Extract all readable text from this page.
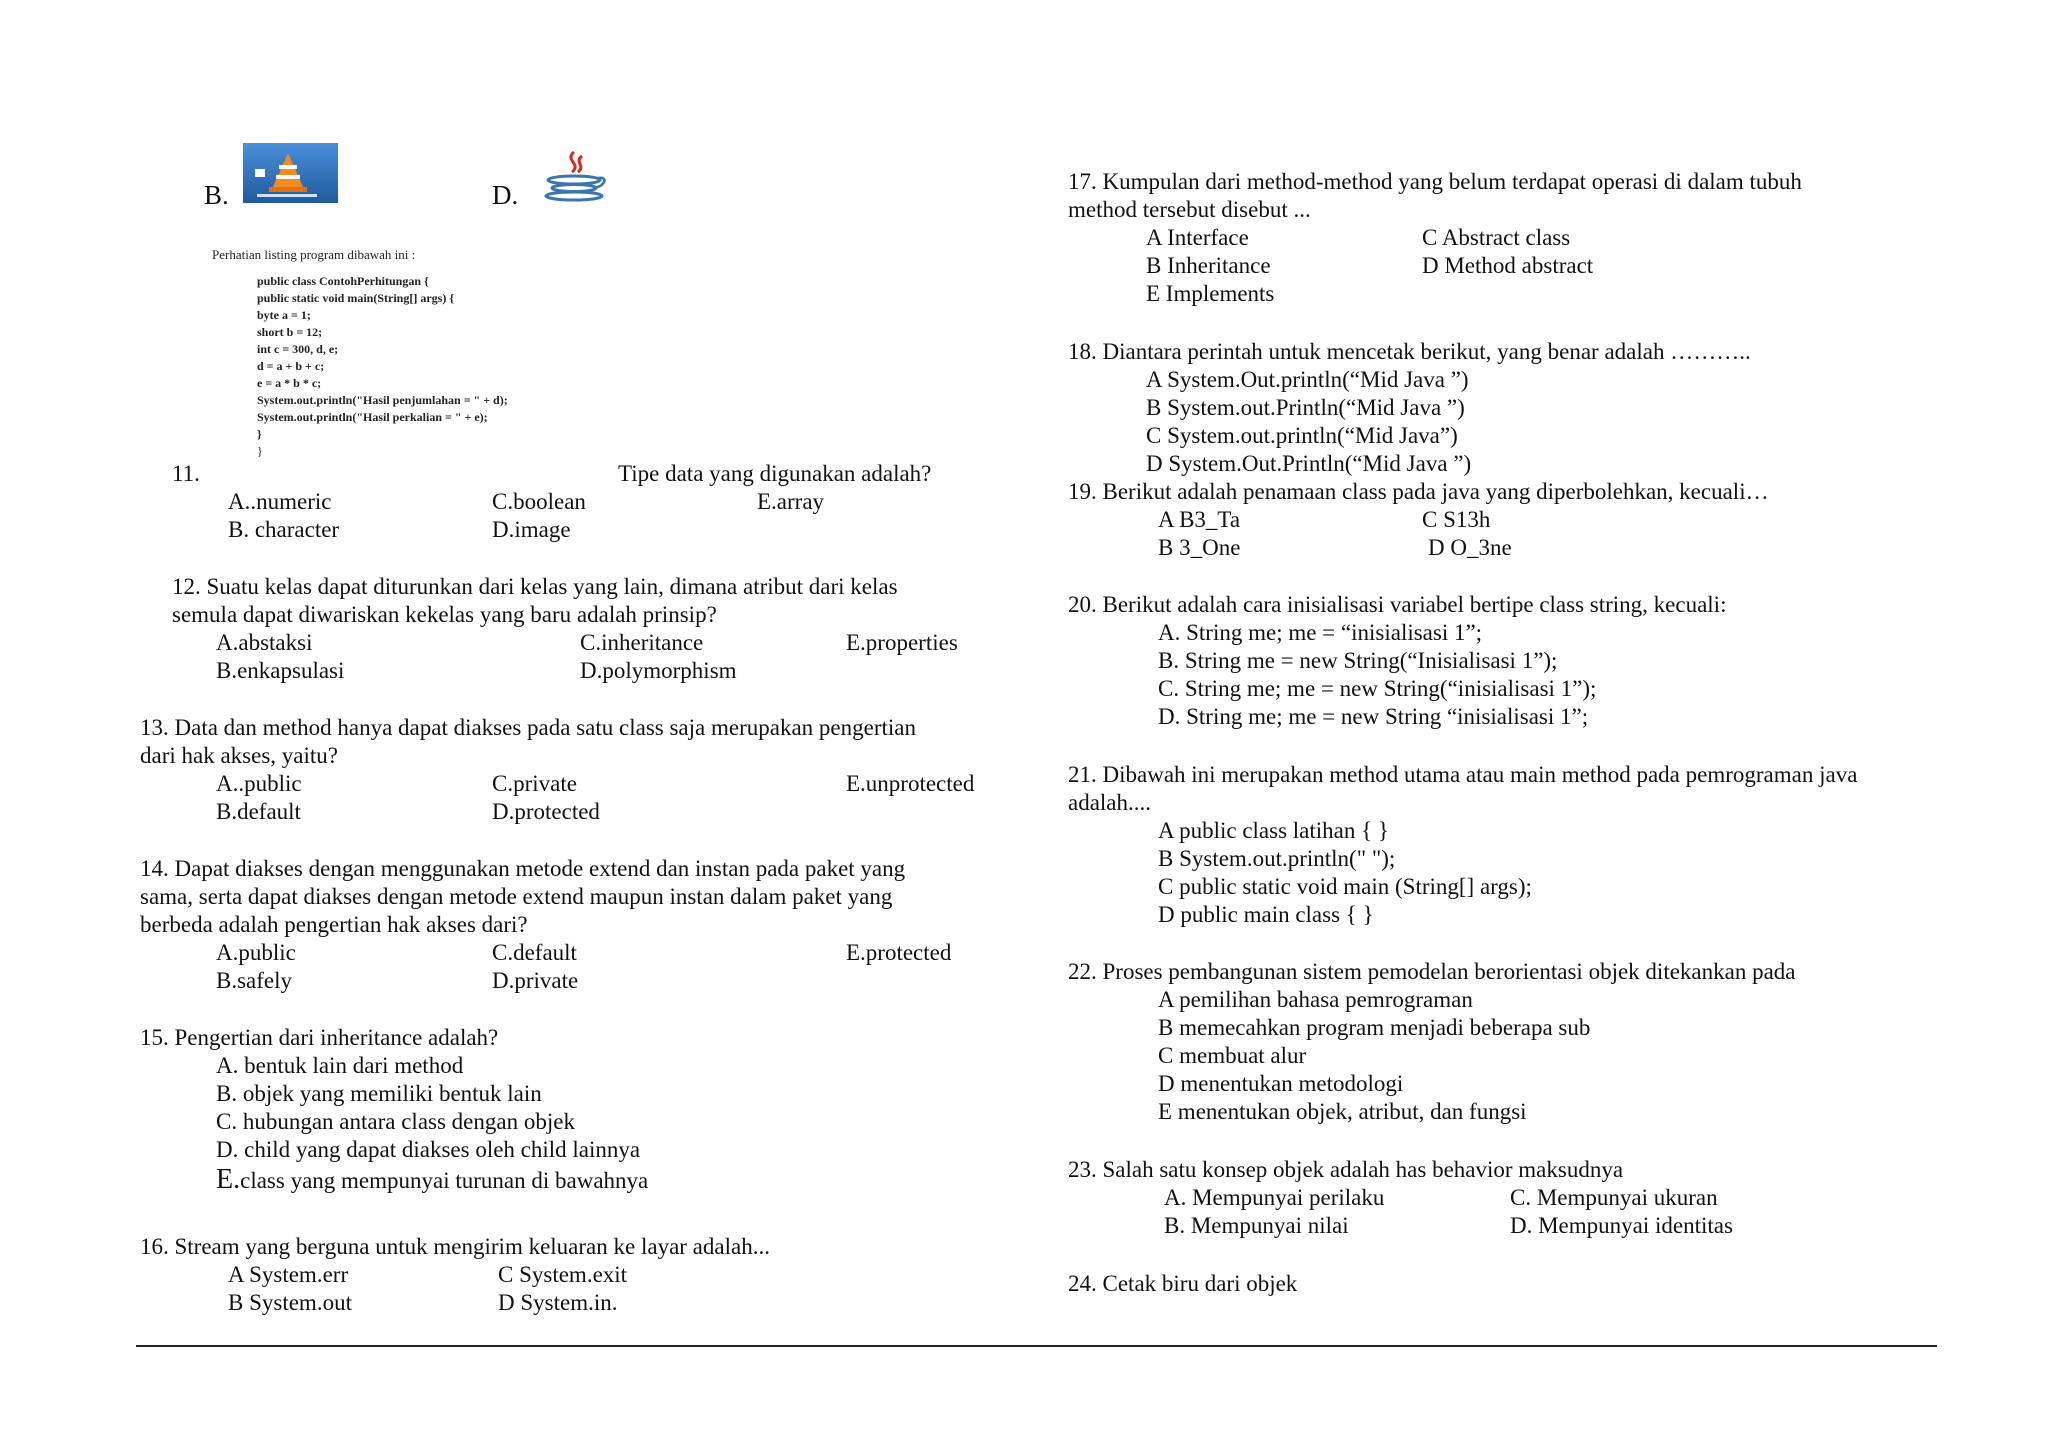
B.	D.
Perhatian listing program dibawah ini :
public class ContohPerhitungan {
public static void main(String[] args) {
byte a = 1;
short b = 12;
int c = 300, d, e;
d = a + b + c;
e = a * b * c;
System.out.println("Hasil penjumlahan = " + d);
System.out.println("Hasil perkalian = " + e);
}
}
11.	Tipe data yang digunakan adalah?
A..numeric	C.boolean	E.array
B. character	D.image
12. Suatu kelas dapat diturunkan dari kelas yang lain, dimana atribut dari kelas
semula dapat diwariskan kekelas yang baru adalah prinsip?
A.abstaksi	C.inheritance	E.properties
B.enkapsulasi	D.polymorphism
13. Data dan method hanya dapat diakses pada satu class saja merupakan pengertian
dari hak akses, yaitu?
A..public	C.private	E.unprotected
B.default	D.protected
14. Dapat diakses dengan menggunakan metode extend dan instan pada paket yang
sama, serta dapat diakses dengan metode extend maupun instan dalam paket yang
berbeda adalah pengertian hak akses dari?
A.public	C.default	E.protected
B.safely	D.private
15. Pengertian dari inheritance adalah?
A. bentuk lain dari method
B. objek yang memiliki bentuk lain
C. hubungan antara class dengan objek
D. child yang dapat diakses oleh child lainnya
E.class yang mempunyai turunan di bawahnya
16. Stream yang berguna untuk mengirim keluaran ke layar adalah...
A System.err	C System.exit
B System.out	D System.in.
17. Kumpulan dari method-method yang belum terdapat operasi di dalam tubuh
method tersebut disebut ...
A Interface	C Abstract class
B Inheritance	D Method abstract
E Implements
18. Diantara perintah untuk mencetak berikut, yang benar adalah ………..
A System.Out.println(“Mid Java ”)
B System.out.Println(“Mid Java ”)
C System.out.println(“Mid Java”)
D System.Out.Println(“Mid Java ”)
19. Berikut adalah penamaan class pada java yang diperbolehkan, kecuali…
A B3_Ta	C S13h
B 3_One	D O_3ne
20. Berikut adalah cara inisialisasi variabel bertipe class string, kecuali:
A. String me; me = “inisialisasi 1”;
B. String me = new String(“Inisialisasi 1”);
C. String me; me = new String(“inisialisasi 1”);
D. String me; me = new String “inisialisasi 1”;
21. Dibawah ini merupakan method utama atau main method pada pemrograman java
adalah....
A public class latihan { }
B System.out.println(" ");
C public static void main (String[] args);
D public main class { }
22. Proses pembangunan sistem pemodelan berorientasi objek ditekankan pada
A pemilihan bahasa pemrograman
B memecahkan program menjadi beberapa sub
C membuat alur
D menentukan metodologi
E menentukan objek, atribut, dan fungsi
23. Salah satu konsep objek adalah has behavior maksudnya
A. Mempunyai perilaku	C. Mempunyai ukuran
B. Mempunyai nilai	D. Mempunyai identitas
24. Cetak biru dari objek
